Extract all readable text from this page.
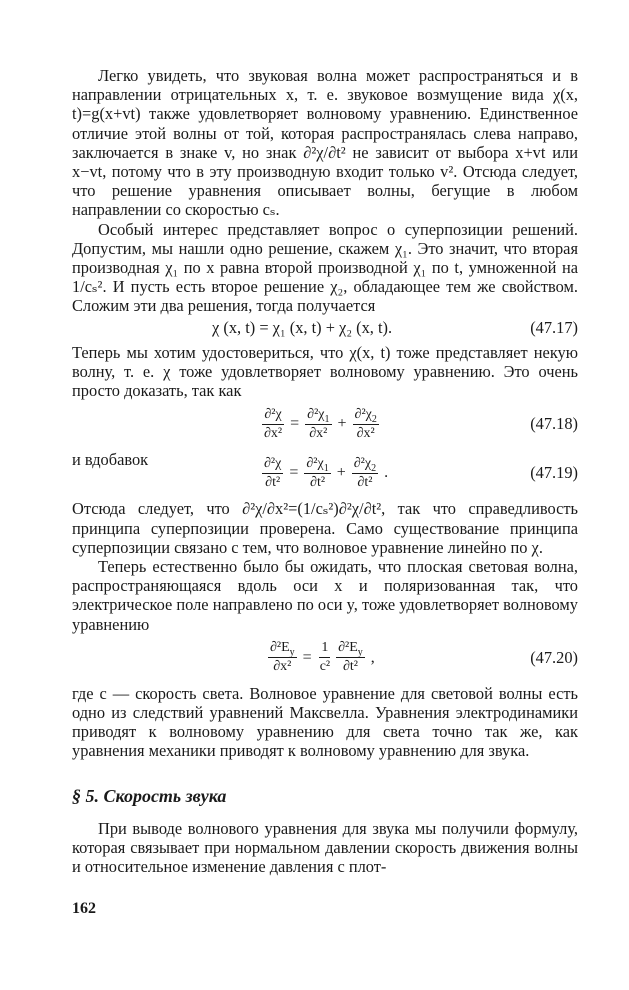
Легко увидеть, что звуковая волна может распространяться и в направлении отрицательных x, т. е. звуковое возмущение вида χ(x, t)=g(x+vt) также удовлетворяет волновому уравнению. Единственное отличие этой волны от той, которая распространялась слева направо, заключается в знаке v, но знак ∂²χ/∂t² не зависит от выбора x+vt или x−vt, потому что в эту производную входит только v². Отсюда следует, что решение уравнения описывает волны, бегущие в любом направлении со скоростью cₛ.

Особый интерес представляет вопрос о суперпозиции решений. Допустим, мы нашли одно решение, скажем χ₁. Это значит, что вторая производная χ₁ по x равна второй производной χ₁ по t, умноженной на 1/cₛ². И пусть есть второе решение χ₂, обладающее тем же свойством. Сложим эти два решения, тогда получается

χ (x, t) = χ₁ (x, t) + χ₂ (x, t).	(47.17)

Теперь мы хотим удостовериться, что χ(x, t) тоже представляет некую волну, т. е. χ тоже удовлетворяет волновому уравнению. Это очень просто доказать, так как

$\frac{\text{∂²χ}}{\text{∂x²}} = \frac{\partial^2\chi_1}{\text{∂x²}} + \frac{\partial^2\chi_2}{\text{∂x²}}$	(47.18)

и вдобавок	$\frac{\text{∂²χ}}{\text{∂t²}} = \frac{\partial^2\chi_1}{\text{∂t²}} + \frac{\partial^2\chi_2}{\text{∂t²}}$ .	(47.19)

Отсюда следует, что ∂²χ/∂x²=(1/cₛ²)∂²χ/∂t², так что справедливость принципа суперпозиции проверена. Само существование принципа суперпозиции связано с тем, что волновое уравнение линейно по χ.

Теперь естественно было бы ожидать, что плоская световая волна, распространяющаяся вдоль оси x и поляризованная так, что электрическое поле направлено по оси y, тоже удовлетворяет волновому уравнению

$\frac{\partial^2E_y}{\text{∂x²}} = \frac{1}{\text{c²}} \frac{\partial^2E_y}{\text{∂t²}}$ ,	(47.20)

где c — скорость света. Волновое уравнение для световой волны есть одно из следствий уравнений Максвелла. Уравнения электродинамики приводят к волновому уравнению для света точно так же, как уравнения механики приводят к волновому уравнению для звука.

§ 5. Скорость звука

При выводе волнового уравнения для звука мы получили формулу, которая связывает при нормальном давлении скорость движения волны и относительное изменение давления с плот-

162
